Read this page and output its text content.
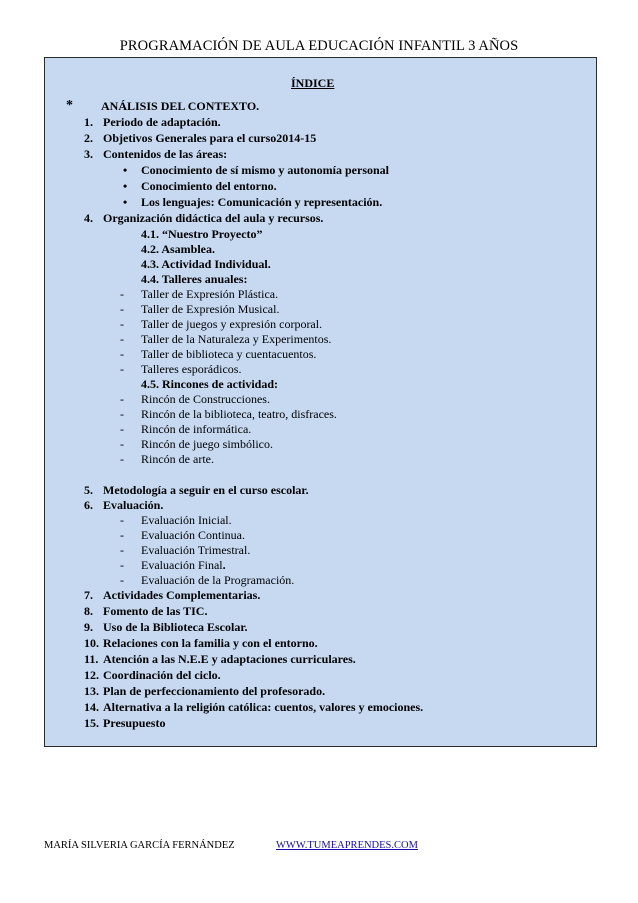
PROGRAMACIÓN DE AULA EDUCACIÓN INFANTIL 3 AÑOS
ÍNDICE
* ANÁLISIS DEL CONTEXTO.
1. Periodo de adaptación.
2. Objetivos Generales para el curso2014-15
3. Contenidos de las áreas:
• Conocimiento de sí mismo y autonomía personal
• Conocimiento del entorno.
• Los lenguajes: Comunicación y representación.
4. Organización didáctica del aula y recursos.
4.1. “Nuestro Proyecto”
4.2. Asamblea.
4.3. Actividad Individual.
4.4. Talleres anuales:
- Taller de Expresión Plástica.
- Taller de Expresión Musical.
- Taller de juegos y expresión corporal.
- Taller de la Naturaleza y Experimentos.
- Taller de biblioteca y cuentacuentos.
- Talleres esporádicos.
4.5. Rincones de actividad:
- Rincón de Construcciones.
- Rincón de la biblioteca, teatro, disfraces.
- Rincón de informática.
- Rincón de juego simbólico.
- Rincón de arte.
5. Metodología a seguir en el curso escolar.
6. Evaluación.
- Evaluación Inicial.
- Evaluación Continua.
- Evaluación Trimestral.
- Evaluación Final.
- Evaluación de la Programación.
7. Actividades Complementarias.
8. Fomento de las TIC.
9. Uso de la Biblioteca Escolar.
10. Relaciones con la familia y con el entorno.
11. Atención a las N.E.E y adaptaciones curriculares.
12. Coordinación del ciclo.
13. Plan de perfeccionamiento del profesorado.
14. Alternativa a la religión católica: cuentos, valores y emociones.
15. Presupuesto
MARÍA SILVERIA GARCÍA FERNÁNDEZ	WWW.TUMEAPRENDES.COM
